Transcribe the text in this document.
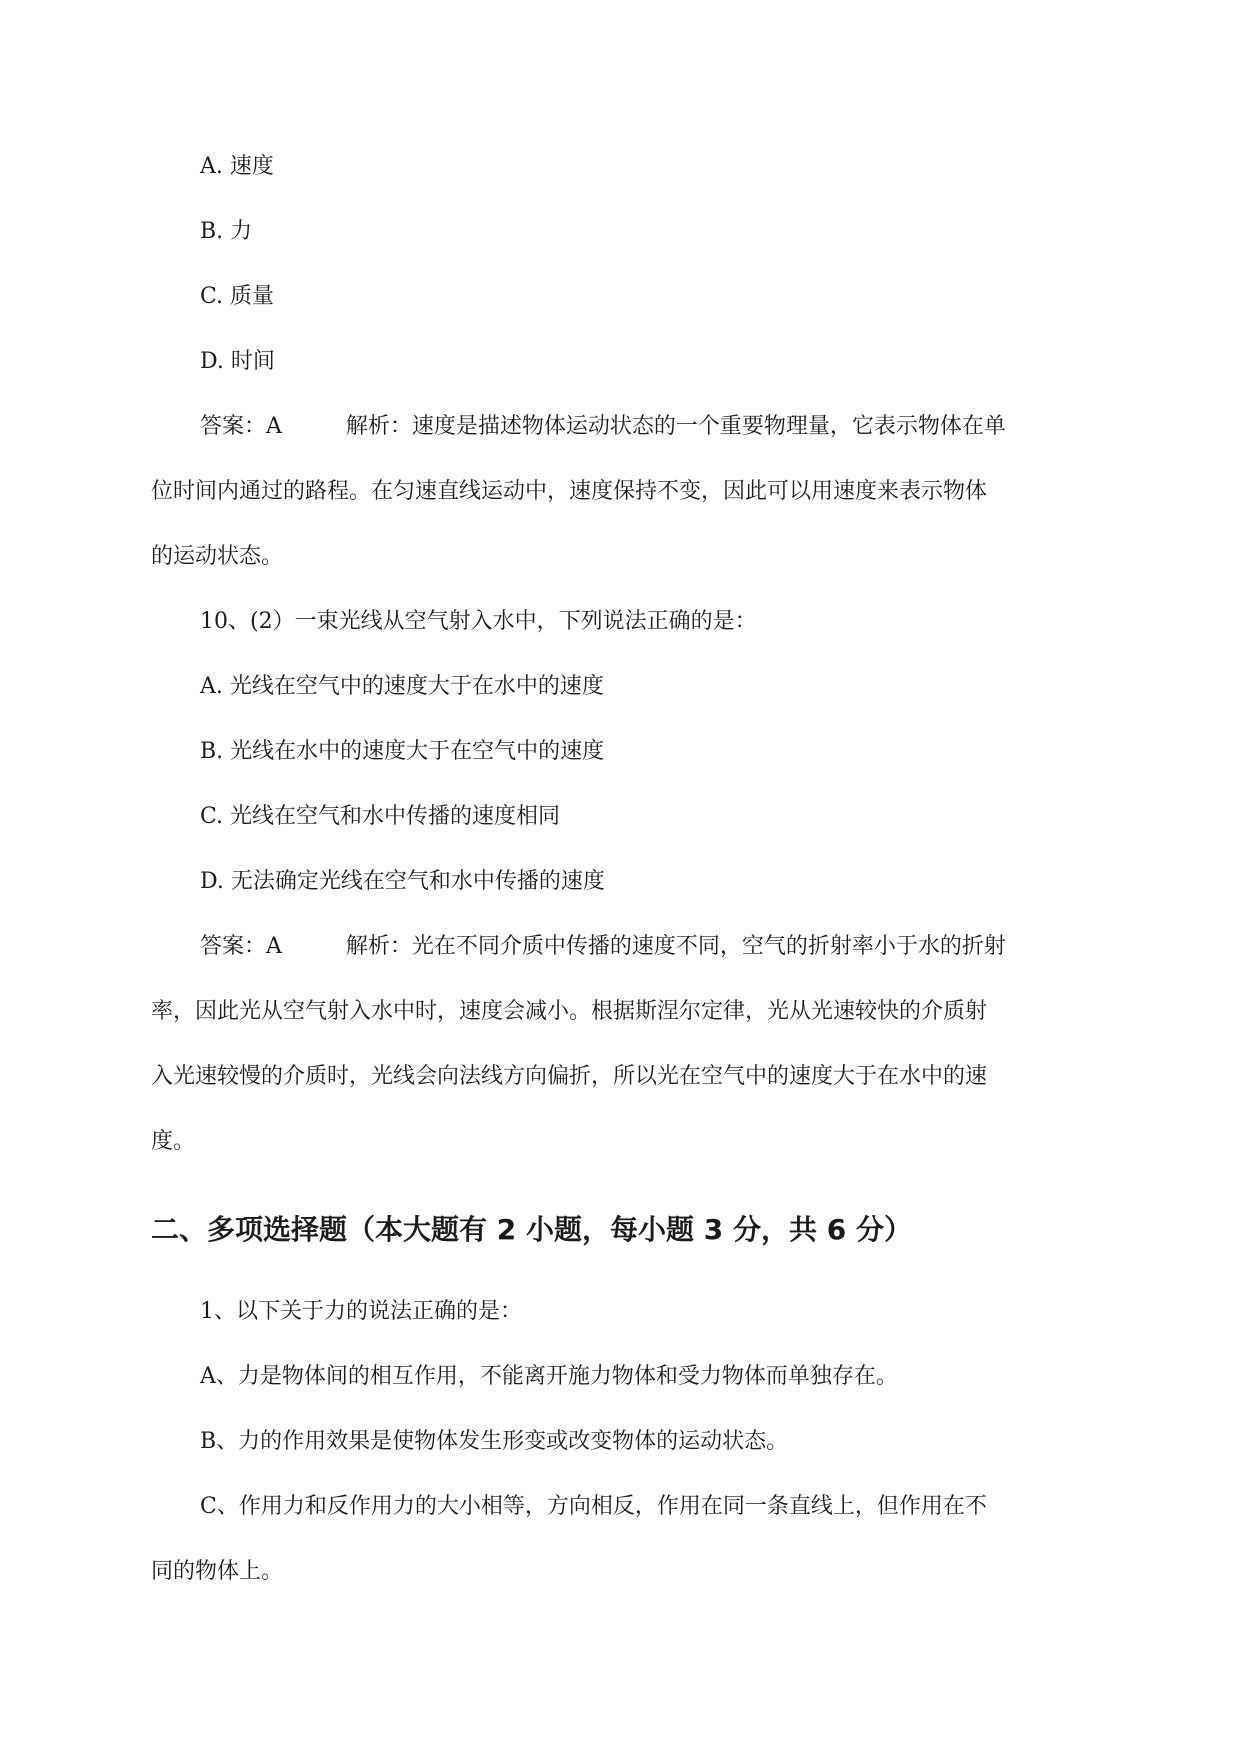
A. 速度
B. 力
C. 质量
D. 时间
答案：A	解析：速度是描述物体运动状态的一个重要物理量，它表示物体在单
位时间内通过的路程。在匀速直线运动中，速度保持不变，因此可以用速度来表示物体
的运动状态。
10、(2）一束光线从空气射入水中，下列说法正确的是：
A. 光线在空气中的速度大于在水中的速度
B. 光线在水中的速度大于在空气中的速度
C. 光线在空气和水中传播的速度相同
D. 无法确定光线在空气和水中传播的速度
答案：A	解析：光在不同介质中传播的速度不同，空气的折射率小于水的折射
率，因此光从空气射入水中时，速度会减小。根据斯涅尔定律，光从光速较快的介质射
入光速较慢的介质时，光线会向法线方向偏折，所以光在空气中的速度大于在水中的速
度。
二、多项选择题（本大题有 2 小题，每小题 3 分，共 6 分）
1、以下关于力的说法正确的是：
A、力是物体间的相互作用，不能离开施力物体和受力物体而单独存在。
B、力的作用效果是使物体发生形变或改变物体的运动状态。
C、作用力和反作用力的大小相等，方向相反，作用在同一条直线上，但作用在不
同的物体上。
